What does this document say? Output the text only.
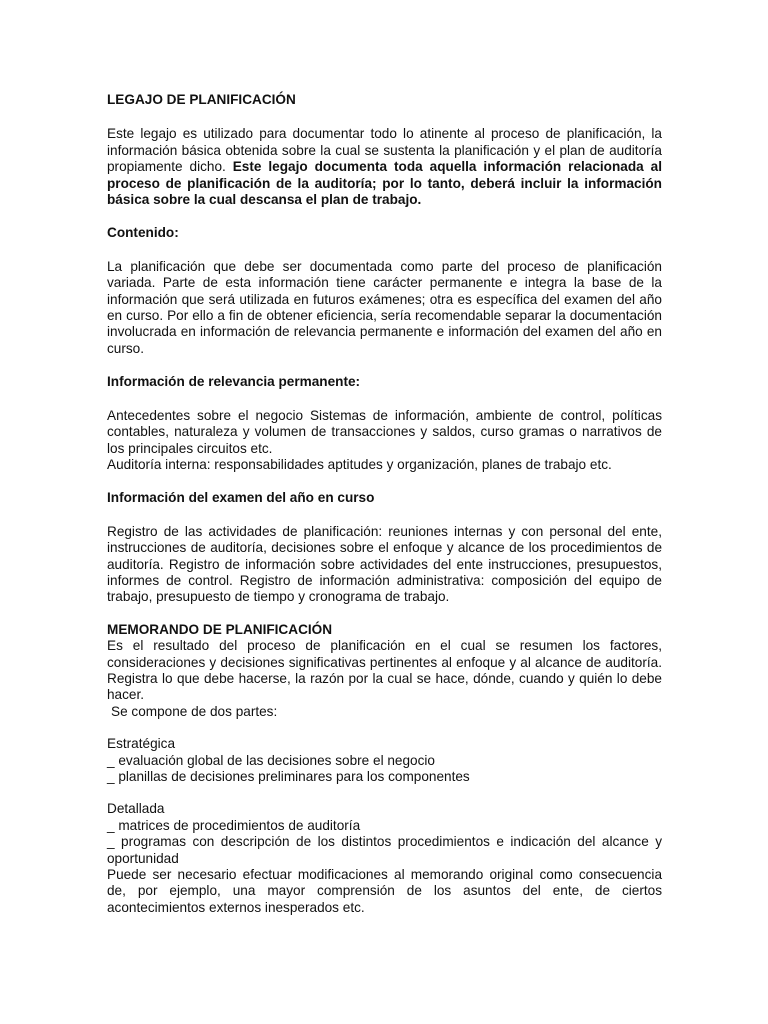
LEGAJO DE PLANIFICACIÓN

Este legajo es utilizado para documentar todo lo atinente al proceso de planificación, la información básica obtenida sobre la cual se sustenta la planificación y el plan de auditoría propiamente dicho. Este legajo documenta toda aquella información relacionada al proceso de planificación de la auditoría; por lo tanto, deberá incluir la información básica sobre la cual descansa el plan de trabajo.

Contenido:

La planificación que debe ser documentada como parte del proceso de planificación variada. Parte de esta información tiene carácter permanente e integra la base de la información que será utilizada en futuros exámenes; otra es específica del examen del año en curso. Por ello a fin de obtener eficiencia, sería recomendable separar la documentación involucrada en información de relevancia permanente e información del examen del año en curso.

Información de relevancia permanente:

Antecedentes sobre el negocio Sistemas de información, ambiente de control, políticas contables, naturaleza y volumen de transacciones y saldos, curso gramas o narrativos de los principales circuitos etc.

Auditoría interna: responsabilidades aptitudes y organización, planes de trabajo etc.

Información del examen del año en curso

Registro de las actividades de planificación: reuniones internas y con personal del ente, instrucciones de auditoría, decisiones sobre el enfoque y alcance de los procedimientos de auditoría. Registro de información sobre actividades del ente instrucciones, presupuestos, informes de control. Registro de información administrativa: composición del equipo de trabajo, presupuesto de tiempo y cronograma de trabajo.

MEMORANDO DE PLANIFICACIÓN

Es el resultado del proceso de planificación en el cual se resumen los factores, consideraciones y decisiones significativas pertinentes al enfoque y al alcance de auditoría. Registra lo que debe hacerse, la razón por la cual se hace, dónde, cuando y quién lo debe hacer.

Se compone de dos partes:

Estratégica

_ evaluación global de las decisiones sobre el negocio

_ planillas de decisiones preliminares para los componentes

Detallada

_ matrices de procedimientos de auditoría

_ programas con descripción de los distintos procedimientos e indicación del alcance y oportunidad

Puede ser necesario efectuar modificaciones al memorando original como consecuencia de, por ejemplo, una mayor comprensión de los asuntos del ente, de ciertos acontecimientos externos inesperados etc.
